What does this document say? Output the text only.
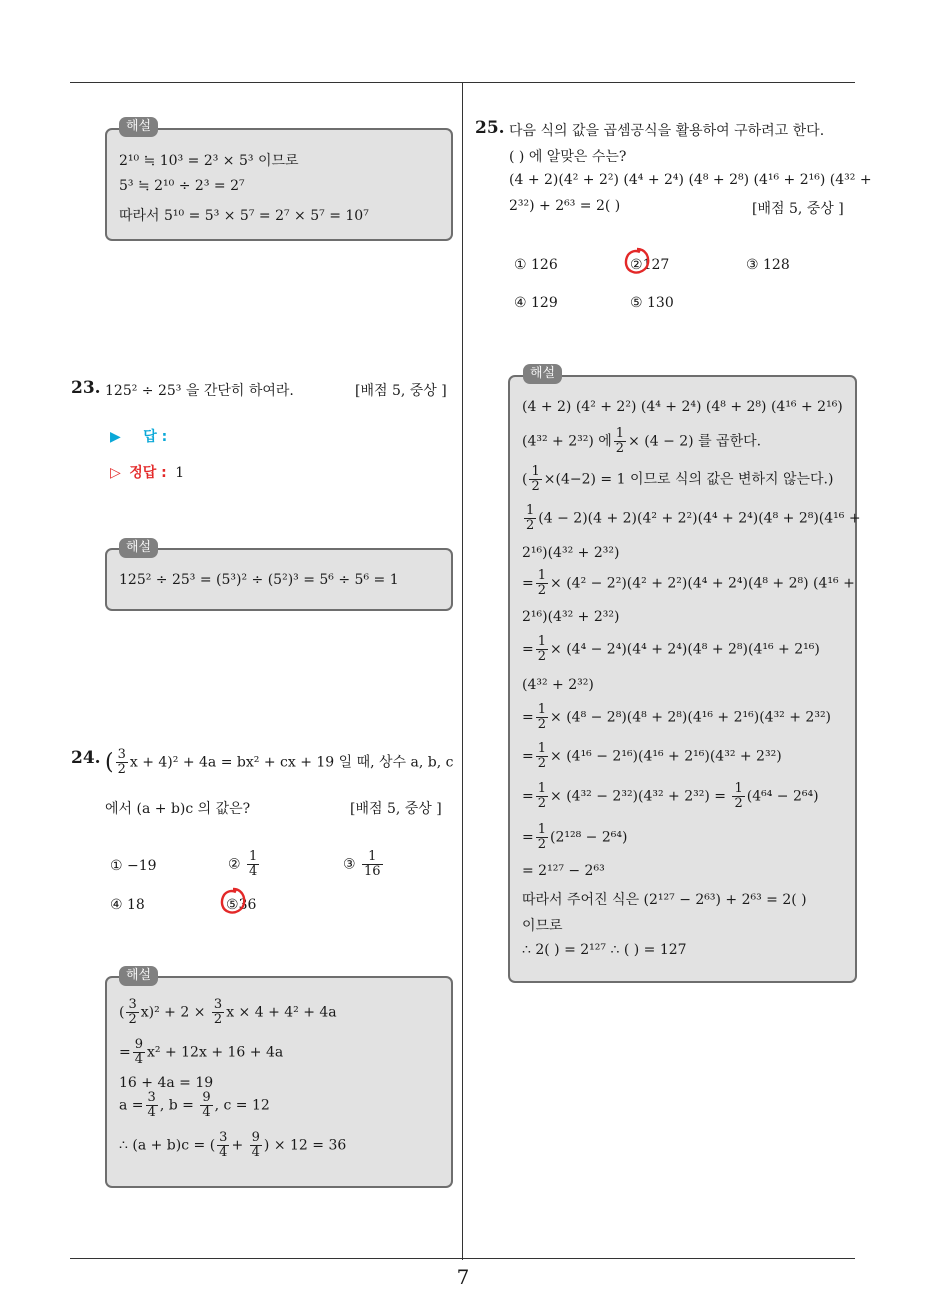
2¹⁰ ≒ 10³ = 2³ × 5³ 이므로
5³ ≒ 2¹⁰ ÷ 2³ = 2⁷
따라서 5¹⁰ = 5³ × 5⁷ = 2⁷ × 5⁷ = 10⁷
해설
23. 125² ÷ 25³ 을 간단히 하여라.	[배점 5, 중상 ]
▶ 답 :
▷ 정답 : 1
125² ÷ 25³ = (5³)² ÷ (5²)³ = 5⁶ ÷ 5⁶ = 1
해설
24. ( $\frac{3}{2}$ x + 4)² + 4a = bx² + cx + 19 일 때, 상수 a, b, c
에서 (a + b)c 의 값은?	[배점 5, 중상 ]
① −19	② $\frac{1}{4}$	③ $\frac{1}{16}$
④ 18	⑤36
( $\frac{3}{2} x)^2 + 2 \times \frac{3}{2}$ x × 4 + 4² + 4a
= $\frac{9}{4} x^2 + 12x + 16 + 4a$
16 + 4a = 19
$a = \frac{3}{4}$ , $b = \frac{9}{4}$ , c = 12
∴ (a + b)c = ( $\frac{3}{4} + \frac{9}{4}$ ) × 12 = 36
해설
25. 다음 식의 값을 곱셈공식을 활용하여 구하려고 한다.
( ) 에 알맞은 수는?
(4 + 2)(4² + 2²) (4⁴ + 2⁴) (4⁸ + 2⁸) (4¹⁶ + 2¹⁶) (4³² +
2³²) + 2⁶³ = 2( )	[배점 5, 중상 ]
① 126	②127	③ 128
④ 129	⑤ 130
(4 + 2) (4² + 2²) (4⁴ + 2⁴) (4⁸ + 2⁸) (4¹⁶ + 2¹⁶)
(4³² + 2³²) 에 $\frac{1}{2} \times (4 - 2)$ 를 곱한다.
( $\frac{1}{2} \times(4-2) = 1$ 이므로 식의 값은 변하지 않는다.)
$\frac{1}{2} (4 - 2)(4 + 2)(4^2 + 2^2)(4^4 + 2^4)(4^8 + 2^8)(4^{16}$ +
2¹⁶)(4³² + 2³²)
= $\frac{1}{2} \times (4^2 - 2^2)(4^2 + 2^2)(4^4 + 2^4)(4^8 + 2^8) (4^{16}$ +
2¹⁶)(4³² + 2³²)
= $\frac{1}{2} \times (4^4 - 2^4)(4^4 + 2^4)(4^8 + 2^8)(4^{16} + 2^{16})$
(4³² + 2³²)
= $\frac{1}{2} \times (4^8 - 2^8)(4^8 + 2^8)(4^{16} + 2^{16})(4^{32} + 2^{32})$
= $\frac{1}{2} \times (4^{16} - 2^{16})(4^{16} + 2^{16})(4^{32} + 2^{32})$
= $\frac{1}{2} \times (4^{32} - 2^{32})(4^{32} + 2^{32}) = \frac{1}{2} (4^{64} - 2^{64})$
= $\frac{1}{2} (2^{128} - 2^{64})$
= 2¹²⁷ − 2⁶³
따라서 주어진 식은 (2¹²⁷ − 2⁶³) + 2⁶³ = 2( )
이므로
∴ 2( ) = 2¹²⁷ ∴ ( ) = 127
해설
7
